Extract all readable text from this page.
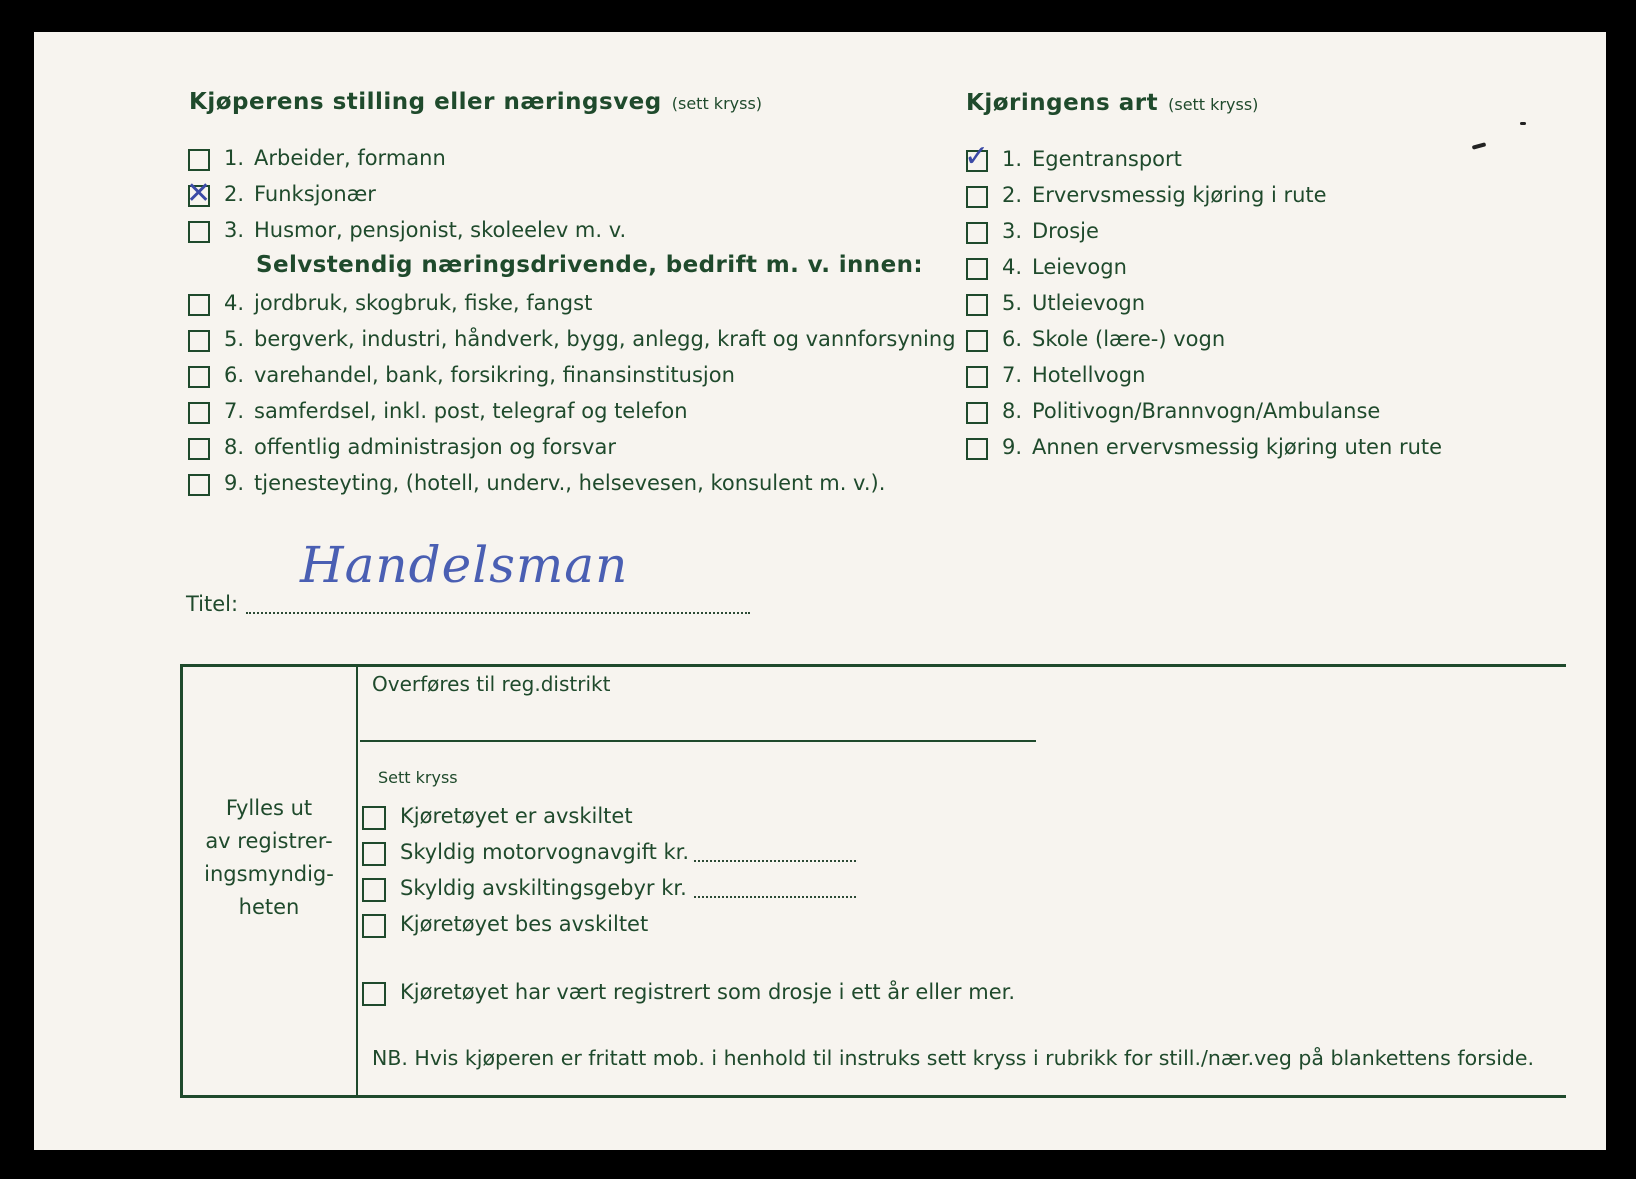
Kjøperens stilling eller næringsveg (sett kryss)
1. Arbeider, formann
✕ 2. Funksjonær
3. Husmor, pensjonist, skoleelev m. v.
Selvstendig næringsdrivende, bedrift m. v. innen:
4. jordbruk, skogbruk, fiske, fangst
5. bergverk, industri, håndverk, bygg, anlegg, kraft og vannforsyning
6. varehandel, bank, forsikring, finansinstitusjon
7. samferdsel, inkl. post, telegraf og telefon
8. offentlig administrasjon og forsvar
9. tjenesteyting, (hotell, underv., helsevesen, konsulent m. v.).
Kjøringens art (sett kryss)
✓ 1. Egentransport
2. Ervervsmessig kjøring i rute
3. Drosje
4. Leievogn
5. Utleievogn
6. Skole (lære-) vogn
7. Hotellvogn
8. Politivogn/Brannvogn/Ambulanse
9. Annen ervervsmessig kjøring uten rute
Titel:
Handelsman
Fylles ut
av registrer-
ingsmyndig-
heten
Overføres til reg.distrikt
Sett kryss
Kjøretøyet er avskiltet
Skyldig motorvognavgift kr.
Skyldig avskiltingsgebyr kr.
Kjøretøyet bes avskiltet
Kjøretøyet har vært registrert som drosje i ett år eller mer.
NB. Hvis kjøperen er fritatt mob. i henhold til instruks sett kryss i rubrikk for still./nær.veg på blankettens forside.
